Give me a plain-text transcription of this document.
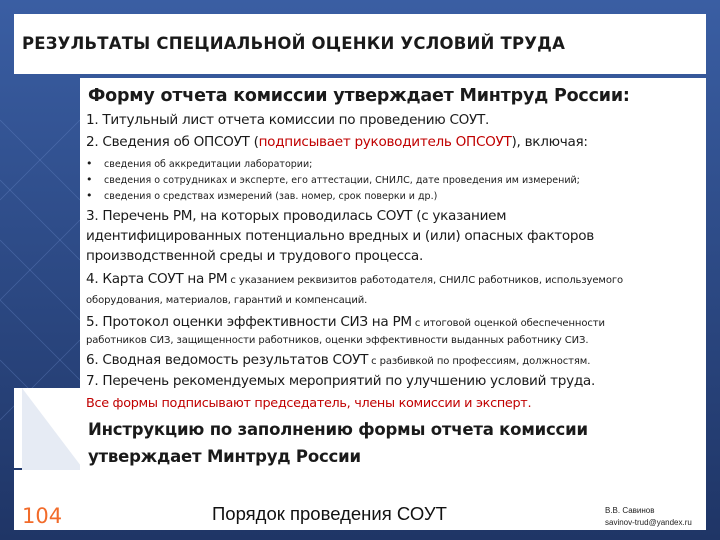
РЕЗУЛЬТАТЫ СПЕЦИАЛЬНОЙ ОЦЕНКИ УСЛОВИЙ ТРУДА
Форму отчета комиссии утверждает Минтруд России:
1. Титульный лист отчета комиссии по проведению СОУТ.
2. Сведения об ОПСОУТ (подписывает руководитель ОПСОУТ), включая:
• сведения об аккредитации лаборатории;
• сведения о сотрудниках и эксперте, его аттестации, СНИЛС, дате проведения им измерений;
• сведения о средствах измерений (зав. номер, срок поверки и др.)
3. Перечень РМ, на которых проводилась СОУТ (с указанием
идентифицированных потенциально вредных и (или) опасных факторов
производственной среды и трудового процесса.
4. Карта СОУТ на РМ с указанием реквизитов работодателя, СНИЛС работников, используемого
оборудования, материалов, гарантий и компенсаций.
5. Протокол оценки эффективности СИЗ на РМ с итоговой оценкой обеспеченности
работников СИЗ, защищенности работников, оценки эффективности выданных работнику СИЗ.
6. Сводная ведомость результатов СОУТ с разбивкой по профессиям, должностям.
7. Перечень рекомендуемых мероприятий по улучшению условий труда.
Все формы подписывают председатель, члены комиссии и эксперт.
Инструкцию по заполнению формы отчета комиссии
утверждает Минтруд России
104	Порядок проведения СОУТ	В.В. Савинов
savinov-trud@yandex.ru
